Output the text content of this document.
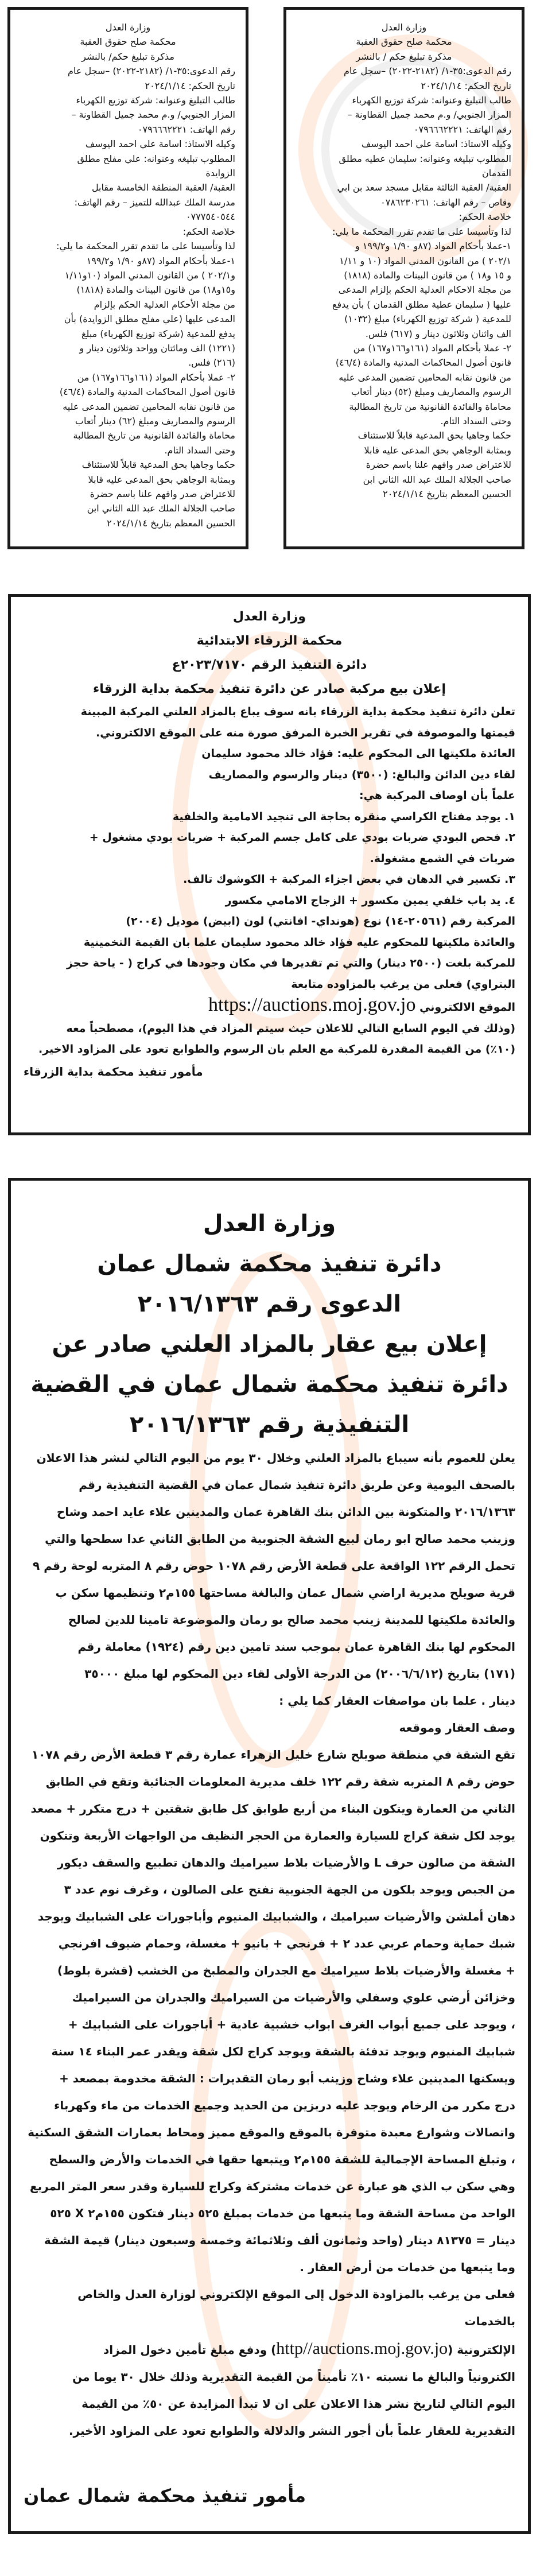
وزارة العدل
محكمة صلح حقوق العقبة
مذكرة تبليغ حكم / بالنشر
رقم الدعوى:٣٥-١/ (٢١٨٢-٢٠٢٢) –سجل عام
تاريخ الحكم: ٢٠٢٤/١/١٤
طالب التبليغ وعنوانه: شركة توزيع الكهرباء
المزار الجنوبي/ و.م محمد جميل القطاونة –
رقم الهاتف: ٠٧٩٦٦٦٢٢٢١
وكيله الاستاذ: اسامة علي احمد اليوسف
المطلوب تبليغه وعنوانه: سليمان عطيه مطلق
القدمان
العقبة/ العقبة الثالثة مقابل مسجد سعد بن ابي
وقاص – رقم الهاتف: ٠٧٨٦٢٣٠٢٦١
خلاصة الحكم:
لذا وتأسيسا على ما تقدم تقرر المحكمة ما يلي:
١-عملا بأحكام المواد (٨٧و ١/٩٠ و١٩٩/٢ و
٢٠٢/١ ) من القانون المدني المواد (١٠ و ١/١١
و ١٥ و١٨ ) من قانون البينات والمادة (١٨١٨)
من مجلة الاحكام العدلية الحكم بإلزام المدعى
عليها ( سليمان عطية مطلق القدمان ) بأن يدفع
للمدعية ( شركة توزيع الكهرباء) مبلغ (١٠٣٢)
الف واثنان وثلاثون دينار و (٦١٧) فلس.
٢- عملا بأحكام المواد (١٦١و١٦٦و١٦٧) من
قانون أصول المحاكمات المدنية والمادة (٤٦/٤)
من قانون نقابه المحامين تضمين المدعى عليه
الرسوم والمصاريف ومبلغ (٥٢) دينار أتعاب
محاماة والفائدة القانونية من تاريخ المطالبة
وحتى السداد التام.
حكما وجاهيا بحق المدعية قابلاً للاستئناف
وبمثابة الوجاهي بحق المدعى عليه قابلا
للاعتراض صدر وافهم علنا باسم حضرة
صاحب الجلالة الملك عبد الله الثاني ابن
الحسين المعظم بتاريخ ٢٠٢٤/١/١٤
وزارة العدل
محكمة صلح حقوق العقبة
مذكرة تبليغ حكم/ بالنشر
رقم الدعوى:٣٥-١/ (٢١٨٢-٢٠٢٢) –سجل عام
تاريخ الحكم: ٢٠٢٤/١/١٤
طالب التبليغ وعنوانه: شركة توزيع الكهرباء
المزار الجنوبي/ و.م محمد جميل القطاونة –
رقم الهاتف: ٠٧٩٦٦٦٢٢٢١
وكيله الاستاذ: اسامة علي احمد اليوسف
المطلوب تبليغه وعنوانه: علي مفلح مطلق
الزوايدة
العقبة/ العقبة المنطقة الخامسة مقابل
مدرسة الملك عبدالله للتميز – رقم الهاتف:
٠٧٧٧٥٤٠٥٤٤
خلاصة الحكم:
لذا وتأسيسا على ما تقدم تقرر المحكمة ما يلي:
١-عملا بأحكام المواد (٨٧و ١/٩٠ و١٩٩/٢
و٢٠٢/١ ) من القانون المدني المواد (١٠و١/١١
و١٥و١٨) من قانون البينات والمادة (١٨١٨)
من مجلة الأحكام العدلية الحكم بإلزام
المدعى عليها (علي مفلح مطلق الزوايدة) بأن
يدفع للمدعية (شركة توزيع الكهرباء) مبلغ
(١٢٢١) الف ومائتان وواحد وثلاثون دينار و
(٢١٦) فلس.
٢- عملا بأحكام المواد (١٦١و١٦٦و١٦٧) من
قانون أصول المحاكمات المدنية والمادة (٤٦/٤)
من قانون نقابه المحامين تضمين المدعى عليه
الرسوم والمصاريف ومبلغ (٦٢) دينار أتعاب
محاماة والفائدة القانونية من تاريخ المطالبة
وحتى السداد التام.
حكما وجاهيا بحق المدعية قابلاً للاستئناف
وبمثابة الوجاهي بحق المدعى عليه قابلا
للاعتراض صدر وافهم علنا باسم حضرة
صاحب الجلالة الملك عبد الله الثاني ابن
الحسين المعظم بتاريخ ٢٠٢٤/١/١٤
وزارة العدل
محكمة الزرقاء الابتدائية
دائرة التنفيذ الرقم ٢٠٢٣/٧١٧٠ع
إعلان بيع مركبة صادر عن دائرة تنفيذ محكمة بداية الزرقاء
تعلن دائرة تنفيذ محكمة بداية الزرقاء بانه سوف يباع بالمزاد العلني المركبة المبينة
قيمتها والموصوفة في تقرير الخبرة المرفق صورة منه على الموقع الالكتروني.
العائدة ملكيتها الى المحكوم عليه: فؤاد خالد محمود سليمان
لقاء دين الدائن والبالغ: (٣٥٠٠) دينار والرسوم والمصاريف
علماً بأن اوصاف المركبة هي:
١. يوجد مفتاح الكراسي منقره بحاجة الى تنجيد الامامية والخلفية
٢. فحص البودي ضربات بودي على كامل جسم المركبة + ضربات بودي مشغول +
ضربات في الشمع مشغولة.
٣. تكسير في الدهان في بعض اجزاء المركبة + الكوشوك تالف.
٤. يد باب خلفي يمين مكسور + الزجاج الامامي مكسور
المركبة رقم (٢٠٥٦١-١٤) نوع (هونداي- افانتي) لون (ابيض) موديل (٢٠٠٤)
والعائدة ملكيتها للمحكوم عليه فؤاد خالد محمود سليمان علما بان القيمة التخمينية
للمركبة بلغت (٢٥٠٠ دينار) والتي تم تقديرها في مكان وجودها في كراج ( - ياحة حجز
البتراوي) فعلى من يرغب بالمزاوده متابعة
الموقع الالكتروني https://auctions.moj.gov.jo
(وذلك في اليوم السابع التالي للاعلان حيث سيتم المزاد في هذا اليوم)، مصطحباً معه
(١٠٪) من القيمة المقدرة للمركبة مع العلم بان الرسوم والطوابع تعود على المزاود الاخير.
مأمور تنفيذ محكمة بداية الزرقاء
وزارة العدل
دائرة تنفيذ محكمة شمال عمان
الدعوى رقم ٢٠١٦/١٣٦٣
إعلان بيع عقار بالمزاد العلني صادر عن
دائرة تنفيذ محكمة شمال عمان في القضية
التنفيذية رقم ٢٠١٦/١٣٦٣
يعلن للعموم بأنه سيباع بالمزاد العلني وخلال ٣٠ يوم من اليوم التالي لنشر هذا الاعلان
بالصحف اليومية وعن طريق دائرة تنفيذ شمال عمان في القضية التنفيذية رقم
٢٠١٦/١٣٦٣ والمتكونة بين الدائن بنك القاهرة عمان والمدينين علاء عايد احمد وشاح
وزينب محمد صالح ابو رمان لبيع الشقة الجنوبية من الطابق الثاني عدا سطحها والتي
تحمل الرقم ١٢٢ الواقعة على قطعة الأرض رقم ١٠٧٨ حوض رقم ٨ المتربه لوحة رقم ٩
قرية صويلح مديرية اراضي شمال عمان والبالغة مساحتها ١٥٥م٢ وتنظيمها سكن ب
والعائدة ملكيتها للمدينة زينب محمد صالح بو رمان والموضوعة تامينا للدين لصالح
المحكوم لها بنك القاهرة عمان بموجب سند تامين دين رقم (١٩٢٤) معاملة رقم
(١٧١) بتاريخ (٢٠٠٦/٦/١٢) من الدرجة الأولى لقاء دين المحكوم لها مبلغ ٣٥٠٠٠
دينار . علما بان مواصفات العقار كما يلي :
وصف العقار وموقعه
تقع الشقة في منطقة صويلح شارع خليل الزهراء عمارة رقم ٣ قطعة الأرض رقم ١٠٧٨
حوض رقم ٨ المتربه شقة رقم ١٢٢ خلف مديرية المعلومات الجنائية وتقع في الطابق
الثاني من العمارة ويتكون البناء من أربع طوابق كل طابق شقتين + درج متكرر + مصعد
يوجد لكل شقة كراج للسيارة والعمارة من الحجر النظيف من الواجهات الأربعة وتتكون
الشقة من صالون حرف L والأرضيات بلاط سيراميك والدهان تطبيع والسقف ديكور
من الجبص ويوجد بلكون من الجهة الجنوبية تفتح على الصالون ، وغرف نوم عدد ٣
دهان أملشن والأرضيات سيراميك ، والشبابيك المنيوم وأباجورات على الشبابيك ويوجد
شبك حماية وحمام عربي عدد ٢ + فرنجي + بانيو + مغسلة، وحمام ضيوف افرنجي
+ مغسلة والأرضيات بلاط سيراميك مع الجدران والمطبخ من الخشب (قشرة بلوط)
وخزائن أرضي علوي وسفلي والأرضيات من السيراميك والجدران من السيراميك
، ويوجد على جميع أبواب الغرف ابواب خشبية عادية + أباجورات على الشبابيك +
شبابيك المنيوم ويوجد تدفئة بالشقة ويوجد كراج لكل شقة ويقدر عمر البناء ١٤ سنة
ويسكنها المدينين علاء وشاح وزينب أبو رمان التقديرات : الشقة مخدومة بمصعد +
درج مكرر من الرخام ويوجد عليه دربزين من الحديد وجميع الخدمات من ماء وكهرباء
واتصالات وشوارع معبدة متوفرة بالموقع والموقع مميز ومحاط بعمارات الشقق السكنية
، وتبلغ المساحة الإجمالية للشقة ١٥٥م٢ ويتبعها حقها في الخدمات والأرض والسطح
وهي سكن ب الذي هو عبارة عن خدمات مشتركة وكراج للسيارة وقدر سعر المتر المربع
الواحد من مساحة الشقة وما يتبعها من خدمات بمبلغ ٥٢٥ دينار فتكون ١٥٥م٢ X ٥٢٥
دينار = ٨١٣٧٥ دينار (واحد وثمانون ألف وثلاثمائة وخمسة وسبعون دينار) قيمة الشقة
وما يتبعها من خدمات من أرض العقار .
فعلى من يرغب بالمزاودة الدخول إلى الموقع الإلكتروني لوزارة العدل والخاص بالخدمات
الإلكترونية (http//auctions.moj.gov.jo) ودفع مبلغ تأمين دخول المزاد
الكترونياً والبالغ ما نسبته ١٠٪ تأميناً من القيمة التقديرية وذلك خلال ٣٠ يوما من
اليوم التالي لتاريخ نشر هذا الاعلان على ان لا تبدأ المزايدة عن ٥٠٪ من القيمة
التقديرية للعقار علماً بأن أجور النشر والدلالة والطوابع تعود على المزاود الأخير.
مأمور تنفيذ محكمة شمال عمان
